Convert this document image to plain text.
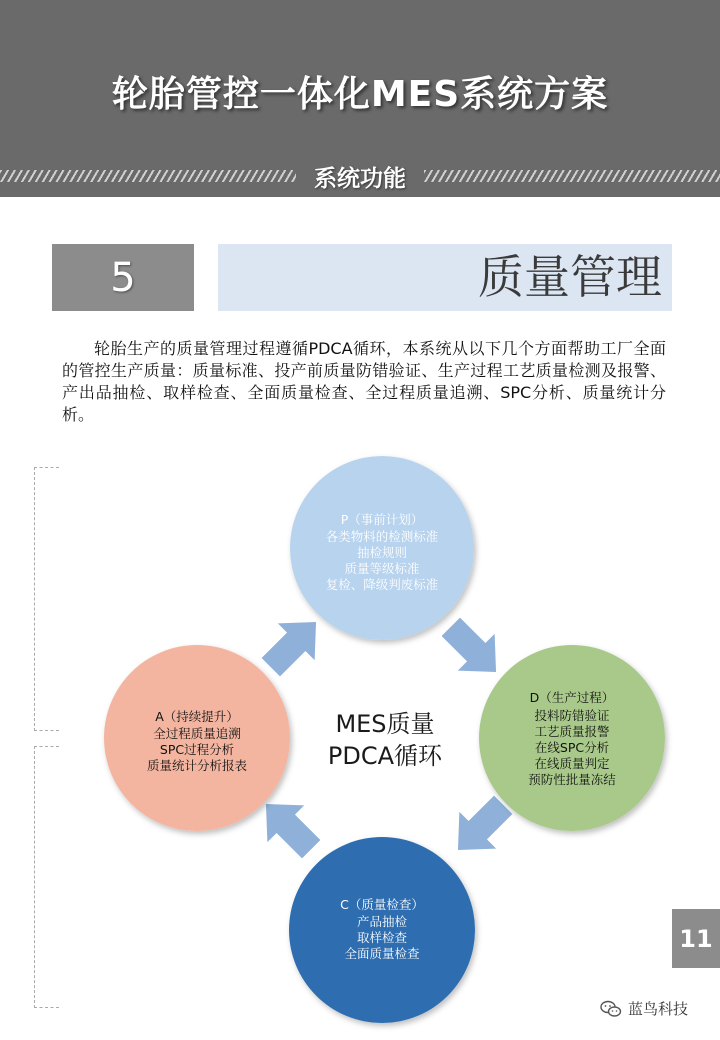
轮胎管控一体化MES系统方案
系统功能
5	质量管理
轮胎生产的质量管理过程遵循PDCA循环，本系统从以下几个方面帮助工厂全面的管控生产质量：质量标准、投产前质量防错验证、生产过程工艺质量检测及报警、产出品抽检、取样检查、全面质量检查、全过程质量追溯、SPC分析、质量统计分析。
P（事前计划）
各类物料的检测标准
抽检规则
质量等级标准
复检、降级判废标准
D（生产过程）
投料防错验证
工艺质量报警
在线SPC分析
在线质量判定
预防性批量冻结
C（质量检查）
产品抽检
取样检查
全面质量检查
A（持续提升）
全过程质量追溯
SPC过程分析
质量统计分析报表
MES质量
PDCA循环
11
蓝鸟科技
